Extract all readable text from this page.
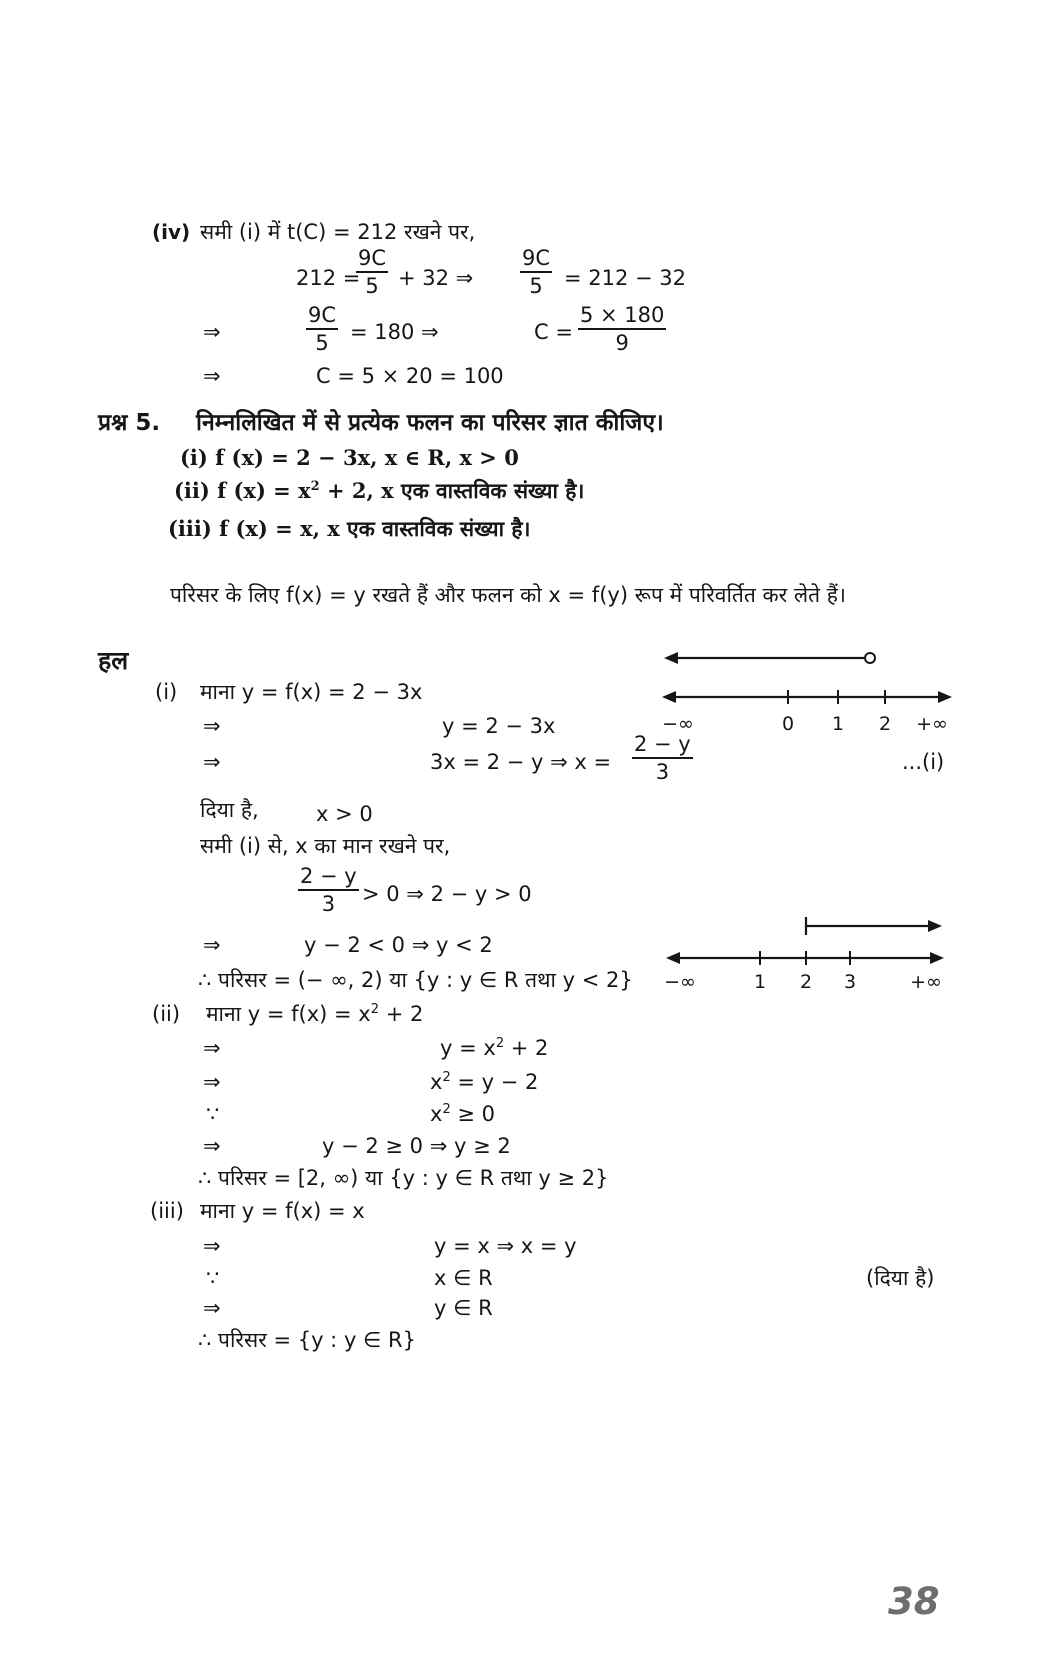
(iv) समी (i) में t(C) = 212 रखने पर,
212 =
$\frac{9C}{5} + 32$ ⇒ $\frac{9C}{5} = 212 - 32$
⇒	$\frac{9C}{5} = 180$ ⇒	$C = \frac{5 \times 180}{9}$
⇒	C = 5 × 20 = 100
प्रश्न 5. निम्नलिखित में से प्रत्येक फलन का परिसर ज्ञात कीजिए।
(i) f (x) = 2 − 3x, x ∈ R, x > 0
(ii) f $(x) = x^2 + 2$, x एक वास्तविक संख्या है।
(iii) f (x) = x, x एक वास्तविक संख्या है।
परिसर के लिए f(x) = y रखते हैं और फलन को x = f(y) रूप में परिवर्तित कर लेते हैं।
हल
(i) माना y = f(x) = 2 − 3x
⇒	y = 2 − 3x
⇒	3x = 2 − y ⇒ $x = \frac{2 - y}{3}$	...(i)
दिया है,	x > 0
समी (i) से, x का मान रखने पर,
$\frac{2 - y}{3} > 0$ ⇒ 2 − y > 0
⇒	y − 2 < 0 ⇒ y < 2
∴ परिसर = (− ∞, 2) या {y : y ∈ R तथा y < 2}
(ii) माना $y = f(x) = x^2 + 2$
⇒	$y = x^2 + 2$
⇒	$x^2 = y - 2$
∵	$x^2 \ge 0$
⇒	y − 2 ≥ 0 ⇒ y ≥ 2
∴ परिसर = [2, ∞) या {y : y ∈ R तथा y ≥ 2}
(iii) माना y = f(x) = x
⇒	y = x ⇒ x = y
∵	x ∈ R	(दिया है)
⇒	y ∈ R
∴ परिसर = {y : y ∈ R}
−∞	0 1 2 +∞
−∞	1 2 3	+∞
38
